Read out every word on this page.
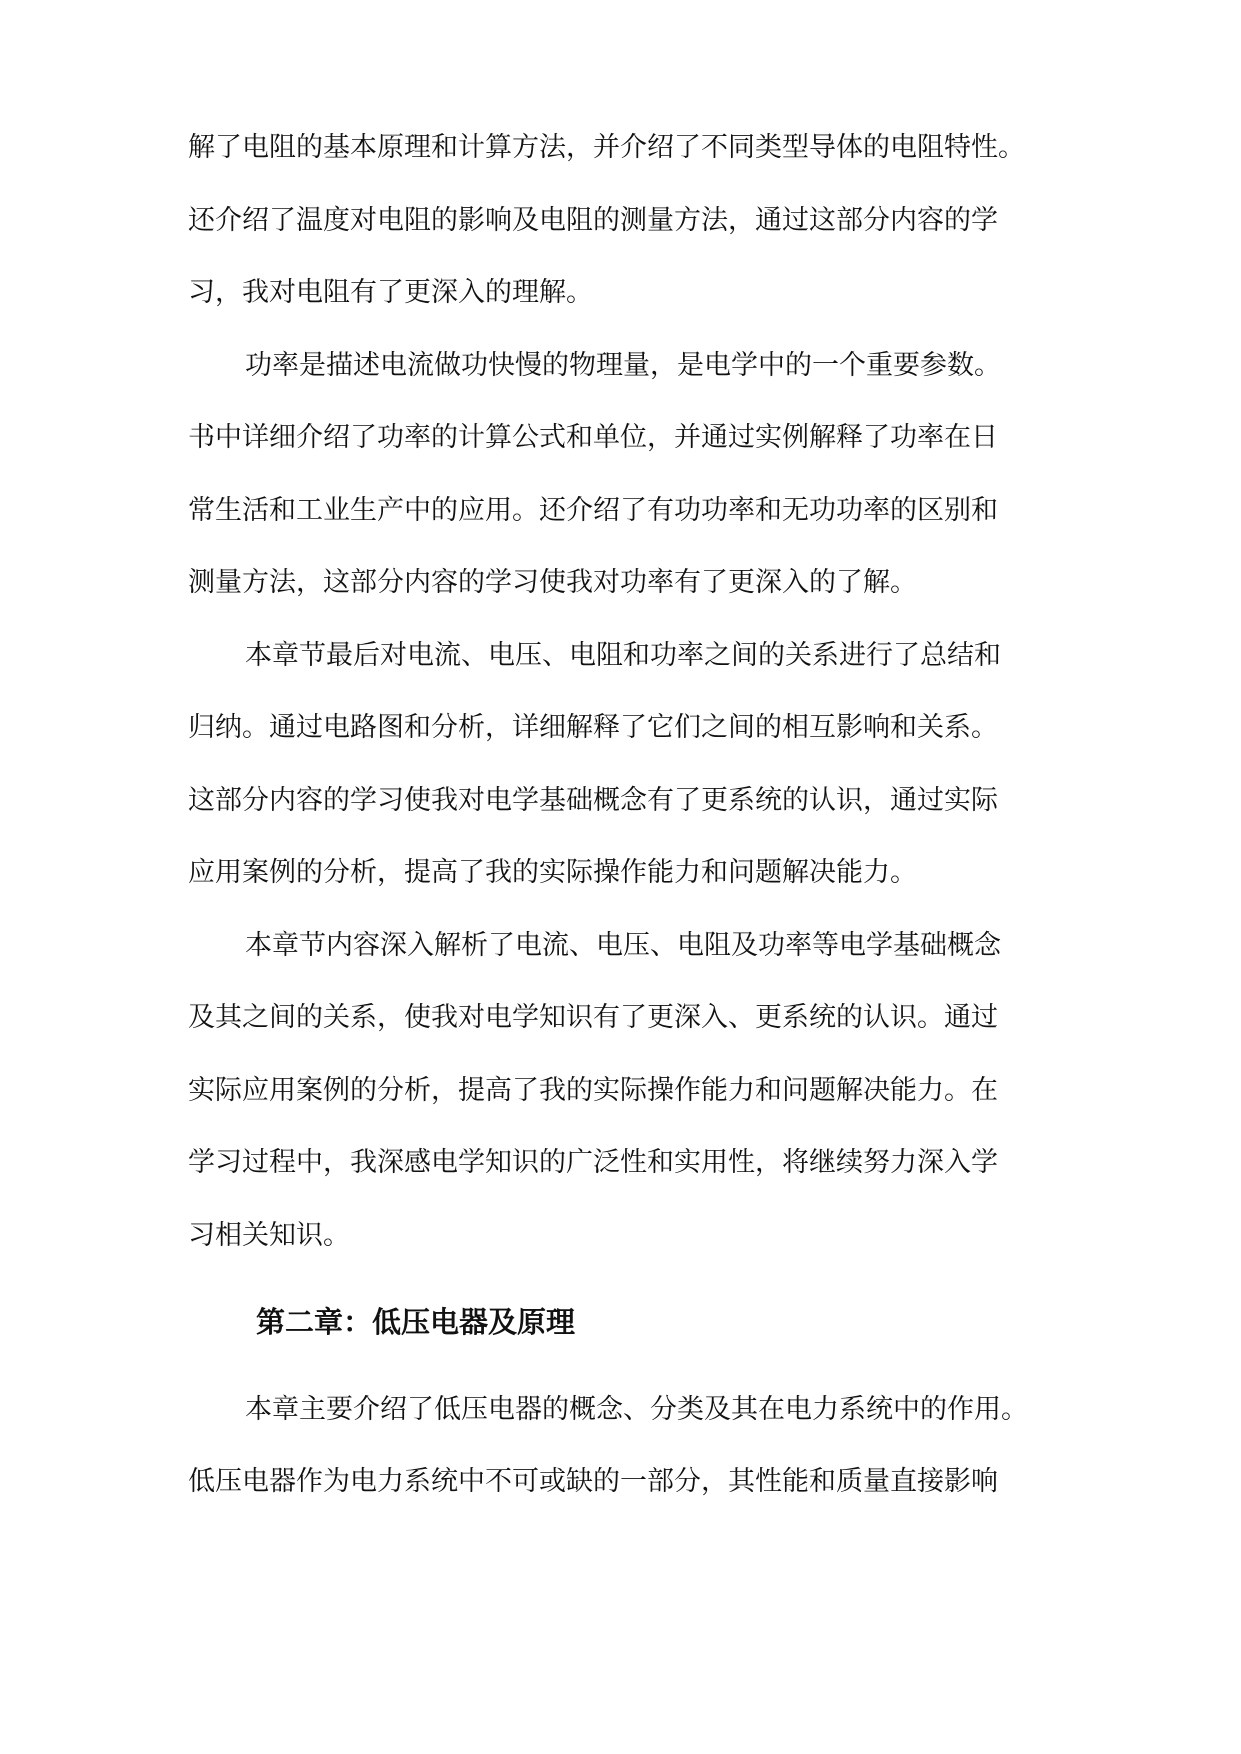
解了电阻的基本原理和计算方法，并介绍了不同类型导体的电阻特性。
还介绍了温度对电阻的影响及电阻的测量方法，通过这部分内容的学
习，我对电阻有了更深入的理解。
功率是描述电流做功快慢的物理量，是电学中的一个重要参数。
书中详细介绍了功率的计算公式和单位，并通过实例解释了功率在日
常生活和工业生产中的应用。还介绍了有功功率和无功功率的区别和
测量方法，这部分内容的学习使我对功率有了更深入的了解。
本章节最后对电流、电压、电阻和功率之间的关系进行了总结和
归纳。通过电路图和分析，详细解释了它们之间的相互影响和关系。
这部分内容的学习使我对电学基础概念有了更系统的认识，通过实际
应用案例的分析，提高了我的实际操作能力和问题解决能力。
本章节内容深入解析了电流、电压、电阻及功率等电学基础概念
及其之间的关系，使我对电学知识有了更深入、更系统的认识。通过
实际应用案例的分析，提高了我的实际操作能力和问题解决能力。在
学习过程中，我深感电学知识的广泛性和实用性，将继续努力深入学
习相关知识。
第二章：低压电器及原理
本章主要介绍了低压电器的概念、分类及其在电力系统中的作用。
低压电器作为电力系统中不可或缺的一部分，其性能和质量直接影响
